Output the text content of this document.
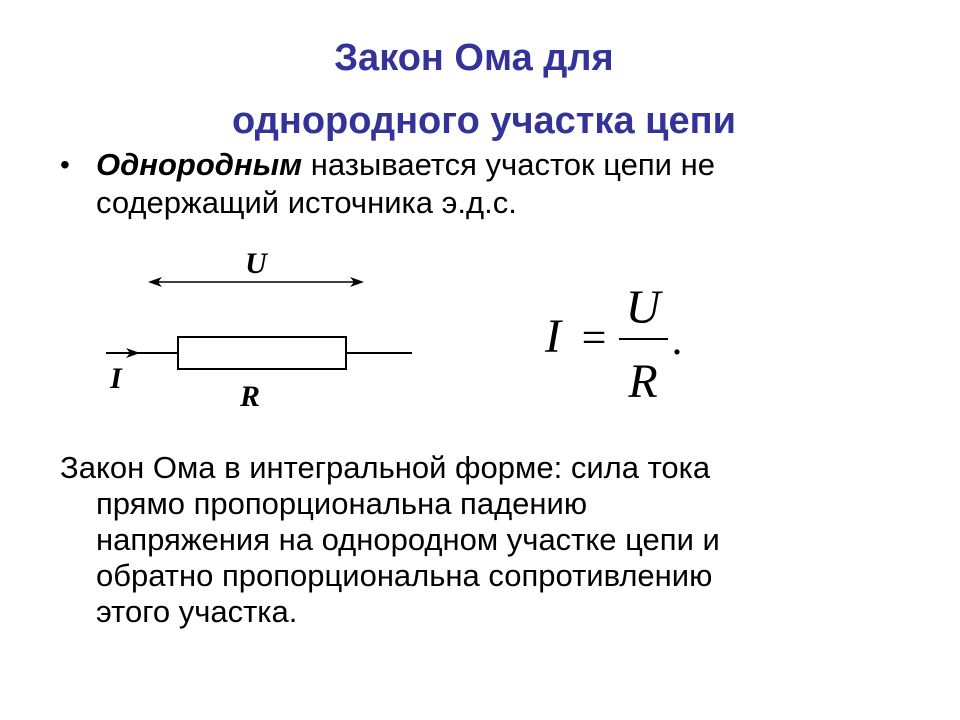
Закон Ома для
однородного участка цепи
• Однородным называется участок цепи не
содержащий источника э.д.с.
U
I
R
I =
U
R
.
Закон Ома в интегральной форме: сила тока
прямо пропорциональна падению
напряжения на однородном участке цепи и
обратно пропорциональна сопротивлению
этого участка.
